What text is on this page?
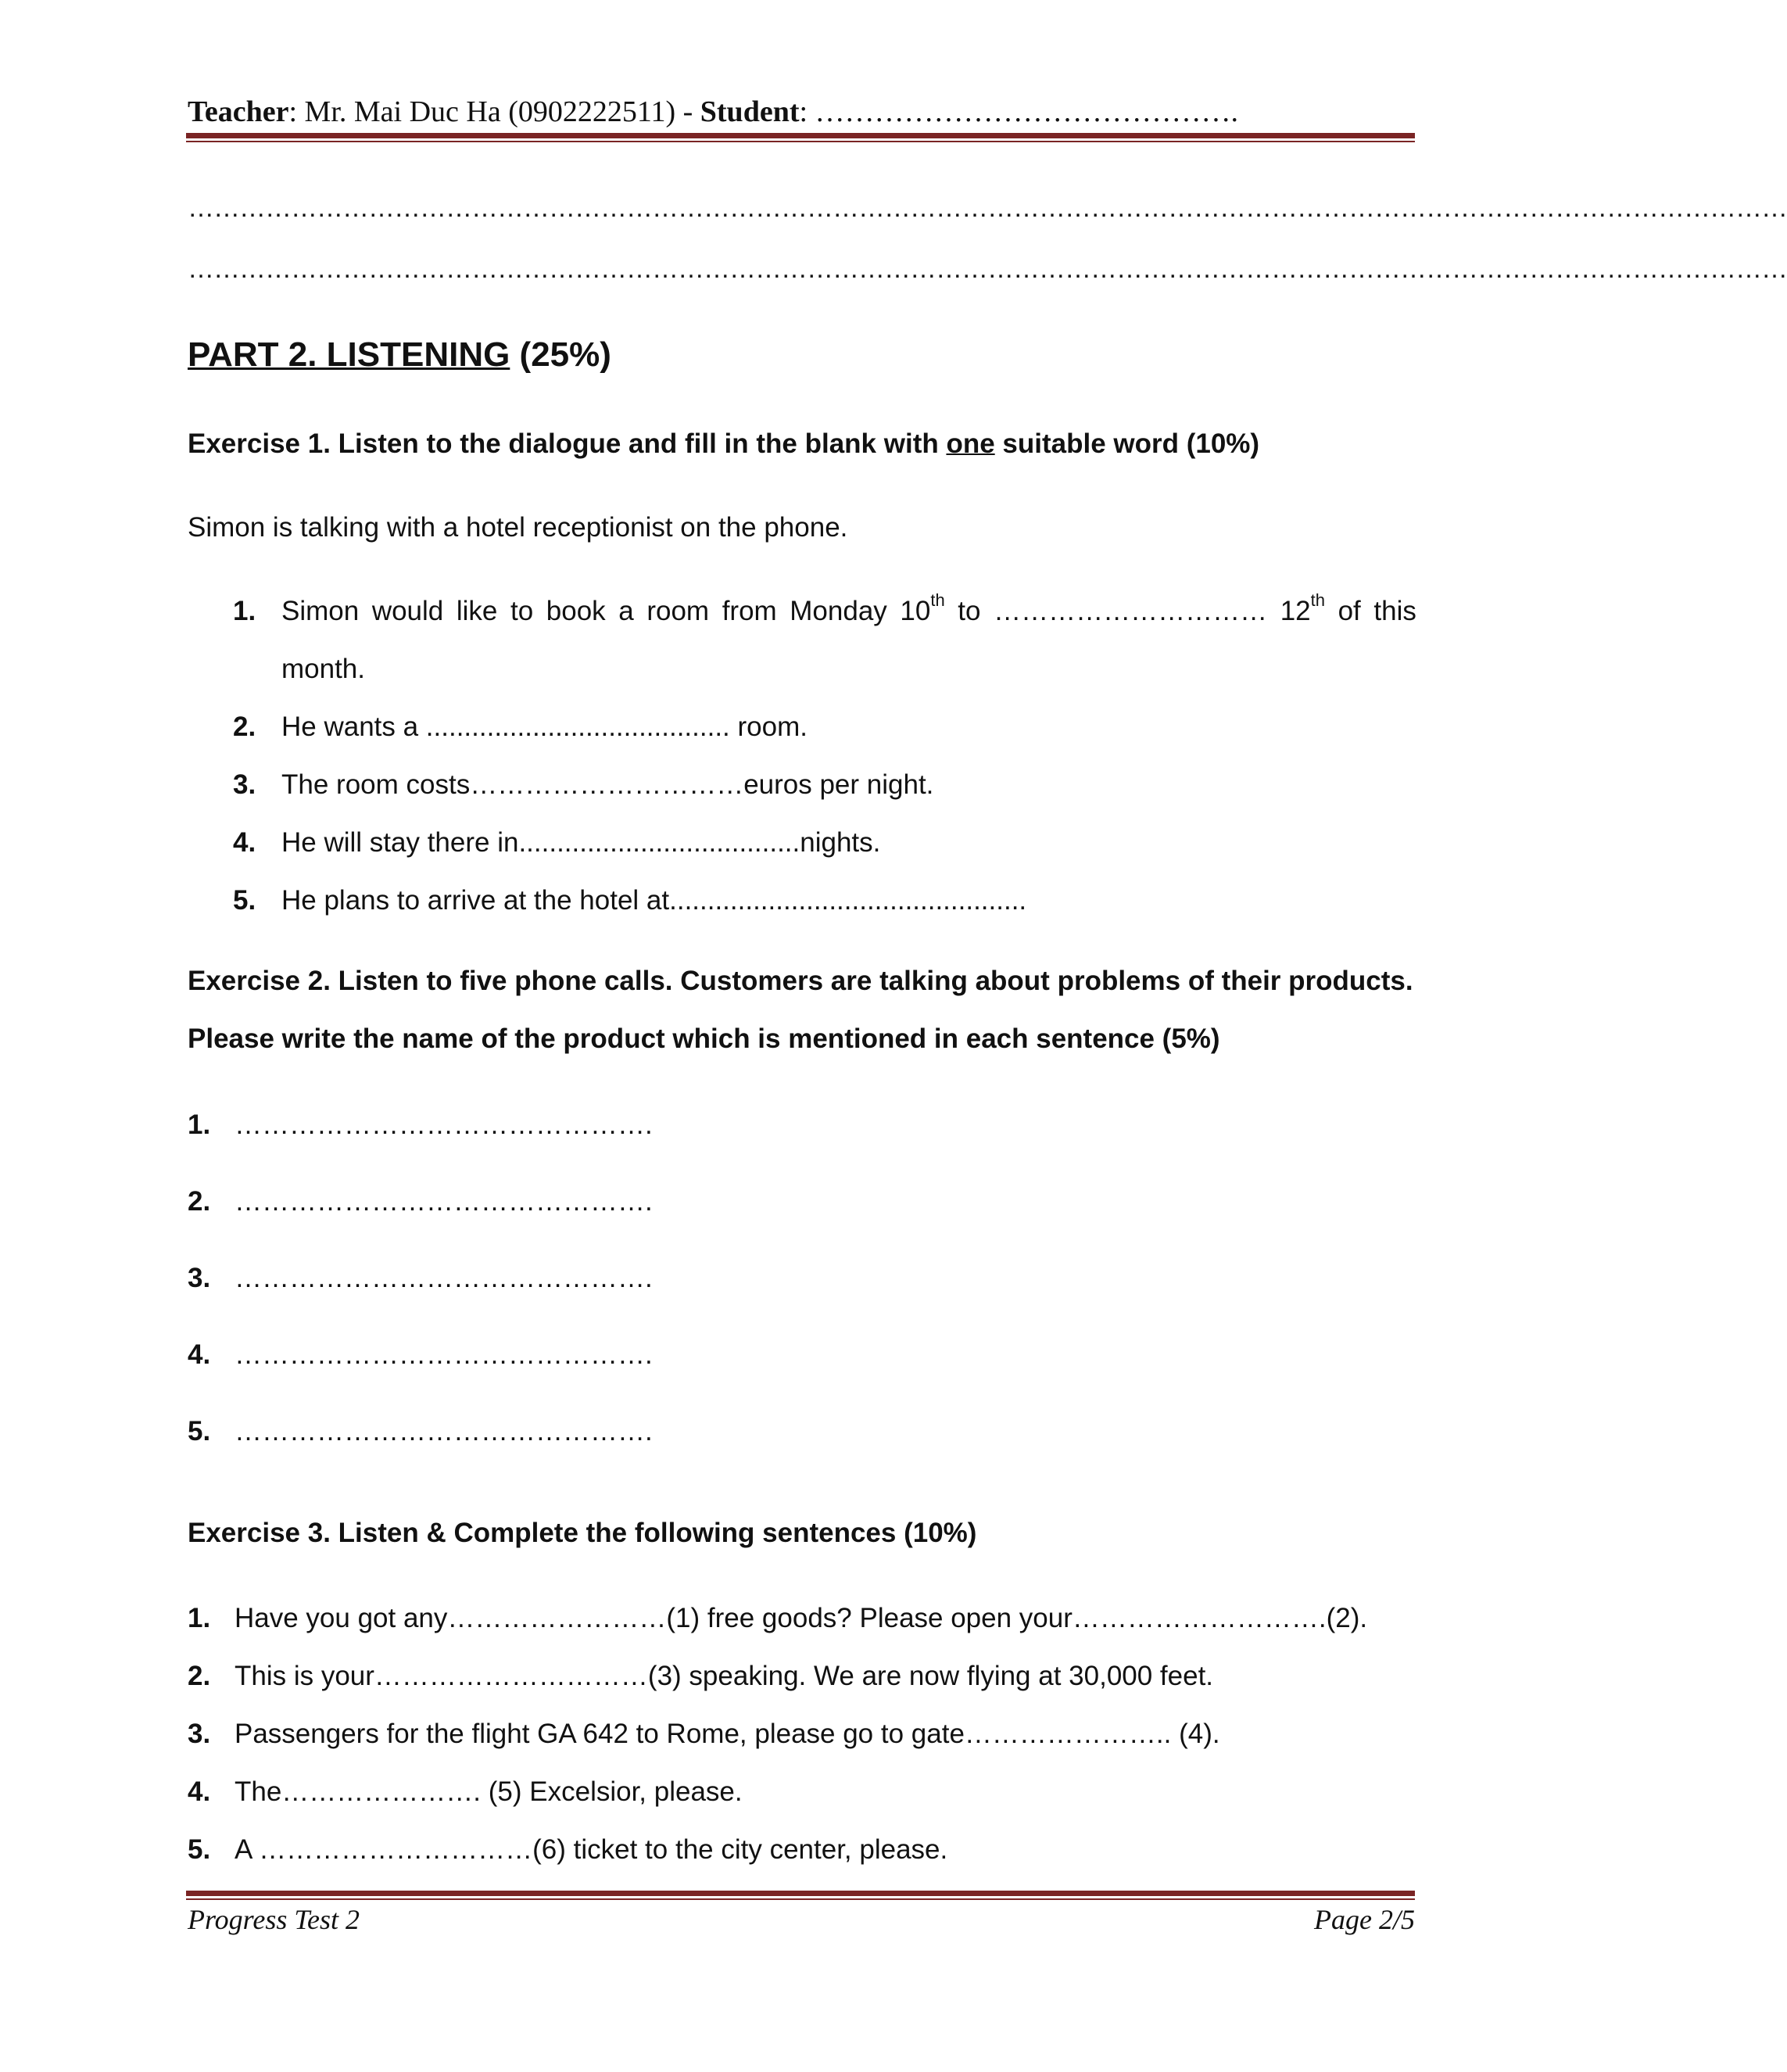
Teacher: Mr. Mai Duc Ha (0902222511) - Student: …………………………………….
……………………………………………………………………………………………………………………………………………………………………
……………………………………………………………………………………………………………………………………………………………………
PART 2. LISTENING (25%)
Exercise 1. Listen to the dialogue and fill in the blank with one suitable word (10%)
Simon is talking with a hotel receptionist on the phone.
1. Simon would like to book a room from Monday 10th to ………………………… 12th of this
month.
2. He wants a ........................................ room.
3. The room costs…………………………euros per night.
4. He will stay there in.....................................nights.
5. He plans to arrive at the hotel at...............................................
Exercise 2. Listen to five phone calls. Customers are talking about problems of their products.
Please write the name of the product which is mentioned in each sentence (5%)
1. ……………………………………….
2. ……………………………………….
3. ……………………………………….
4. ……………………………………….
5. ……………………………………….
Exercise 3. Listen & Complete the following sentences (10%)
1. Have you got any……………………(1) free goods? Please open your……………………….(2).
2. This is your…………………………(3) speaking. We are now flying at 30,000 feet.
3. Passengers for the flight GA 642 to Rome, please go to gate………………….. (4).
4. The…………………. (5) Excelsior, please.
5. A …………………………(6) ticket to the city center, please.
Progress Test 2	Page 2/5
